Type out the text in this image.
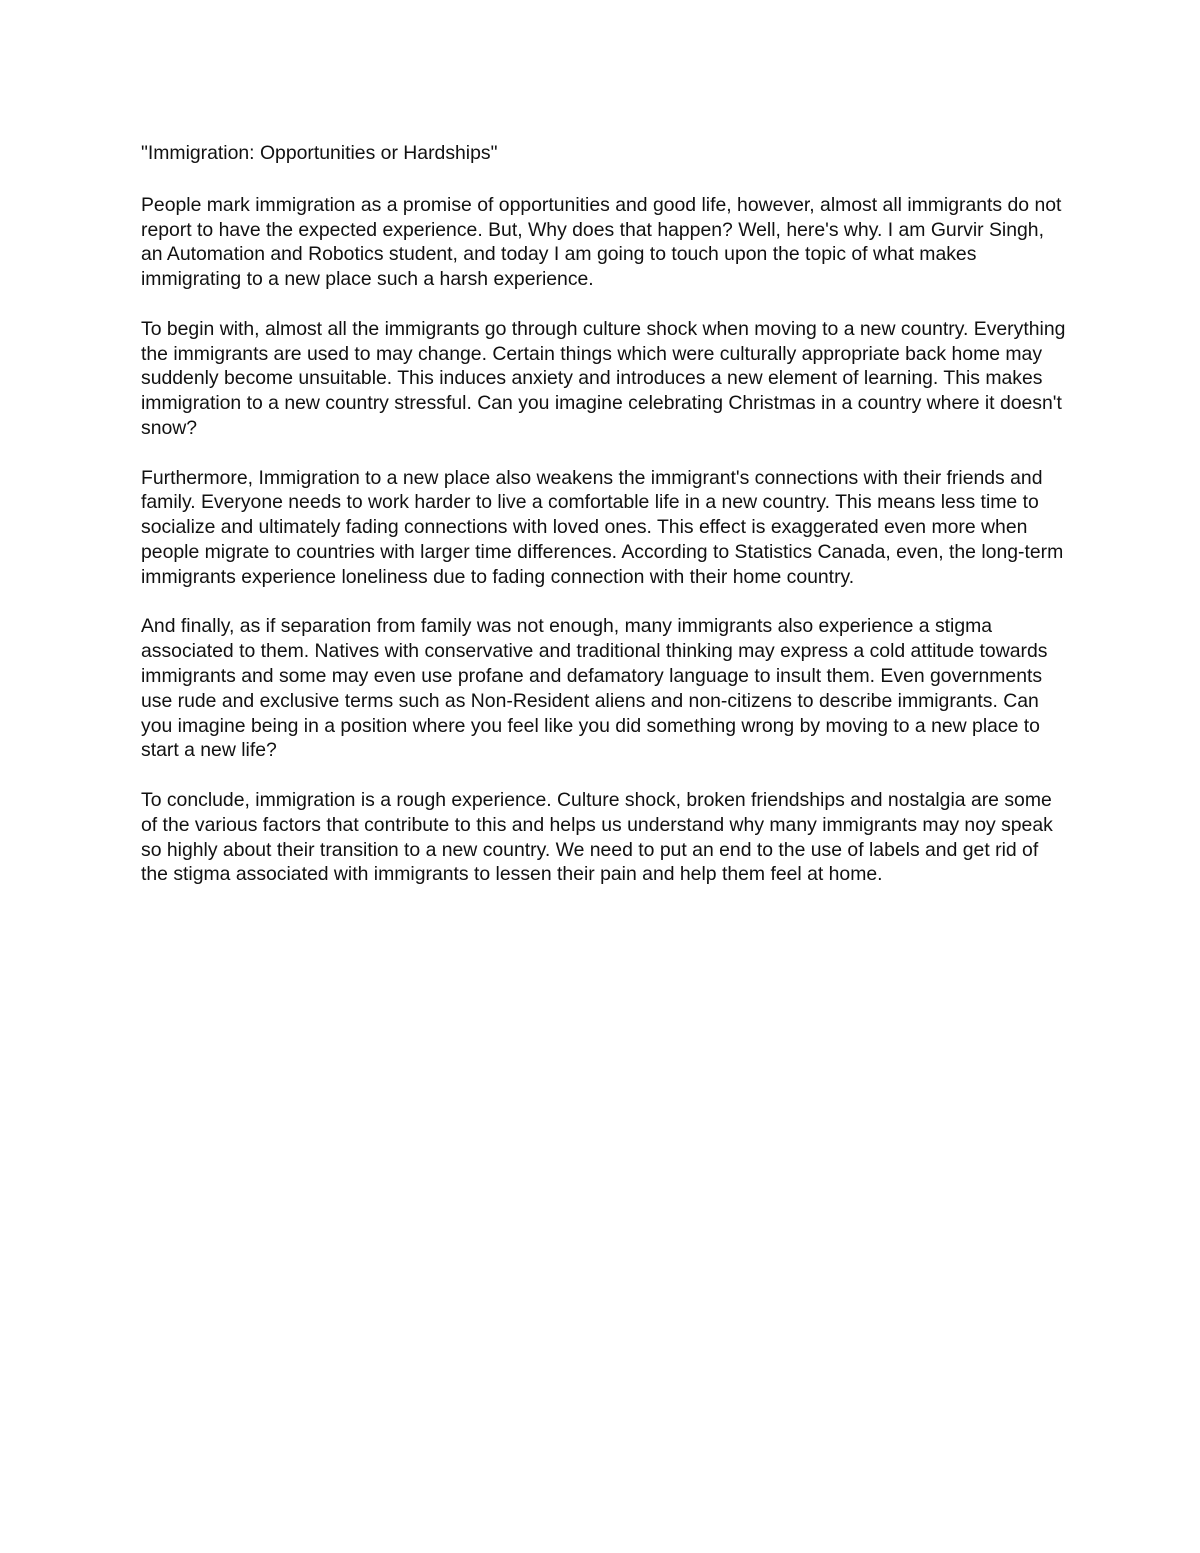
"Immigration: Opportunities or Hardships"
People mark immigration as a promise of opportunities and good life, however, almost all immigrants do not report to have the expected experience. But, Why does that happen? Well, here's why. I am Gurvir Singh, an Automation and Robotics student, and today I am going to touch upon the topic of what makes immigrating to a new place such a harsh experience.
To begin with, almost all the immigrants go through culture shock when moving to a new country. Everything the immigrants are used to may change. Certain things which were culturally appropriate back home may suddenly become unsuitable. This induces anxiety and introduces a new element of learning. This makes immigration to a new country stressful. Can you imagine celebrating Christmas in a country where it doesn't snow?
Furthermore, Immigration to a new place also weakens the immigrant's connections with their friends and family. Everyone needs to work harder to live a comfortable life in a new country. This means less time to socialize and ultimately fading connections with loved ones. This effect is exaggerated even more when people migrate to countries with larger time differences. According to Statistics Canada, even, the long-term immigrants experience loneliness due to fading connection with their home country.
And finally, as if separation from family was not enough, many immigrants also experience a stigma associated to them. Natives with conservative and traditional thinking may express a cold attitude towards immigrants and some may even use profane and defamatory language to insult them. Even governments use rude and exclusive terms such as Non-Resident aliens and non-citizens to describe immigrants. Can you imagine being in a position where you feel like you did something wrong by moving to a new place to start a new life?
To conclude, immigration is a rough experience. Culture shock, broken friendships and nostalgia are some of the various factors that contribute to this and helps us understand why many immigrants may noy speak so highly about their transition to a new country. We need to put an end to the use of labels and get rid of the stigma associated with immigrants to lessen their pain and help them feel at home.
